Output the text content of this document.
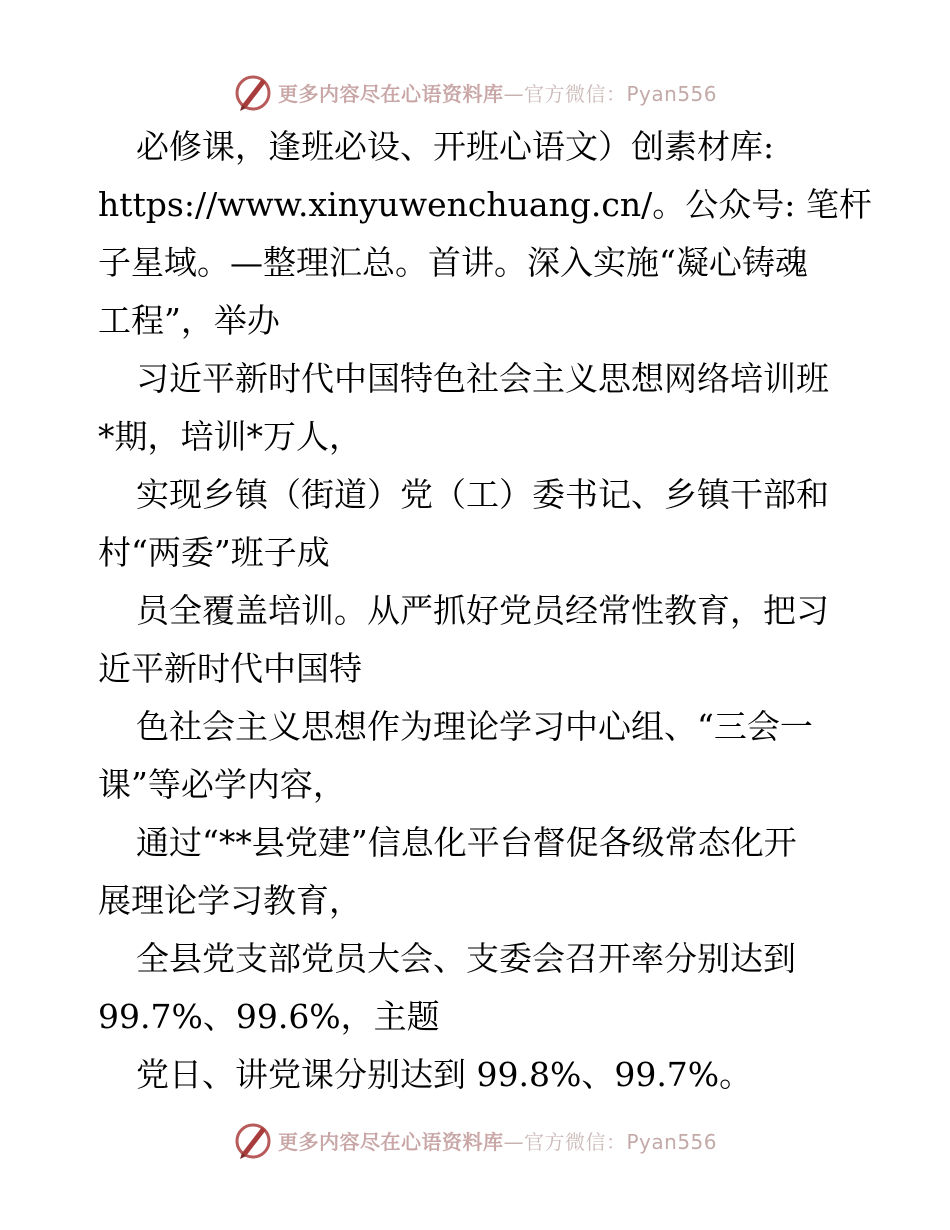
更多内容尽在心语资料库—官方微信：Pyan556
必修课，逢班必设、开班心语文）创素材库:
https://www.xinyuwenchuang.cn/。公众号: 笔杆
子星域。—整理汇总。首讲。深入实施“凝心铸魂
工程”，举办
习近平新时代中国特色社会主义思想网络培训班
*期，培训*万人，
实现乡镇（街道）党（工）委书记、乡镇干部和
村“两委”班子成
员全覆盖培训。从严抓好党员经常性教育，把习
近平新时代中国特
色社会主义思想作为理论学习中心组、“三会一
课”等必学内容，
通过“**县党建”信息化平台督促各级常态化开
展理论学习教育，
全县党支部党员大会、支委会召开率分别达到
99.7%、99.6%，主题
党日、讲党课分别达到 99.8%、99.7%。
更多内容尽在心语资料库—官方微信：Pyan556
